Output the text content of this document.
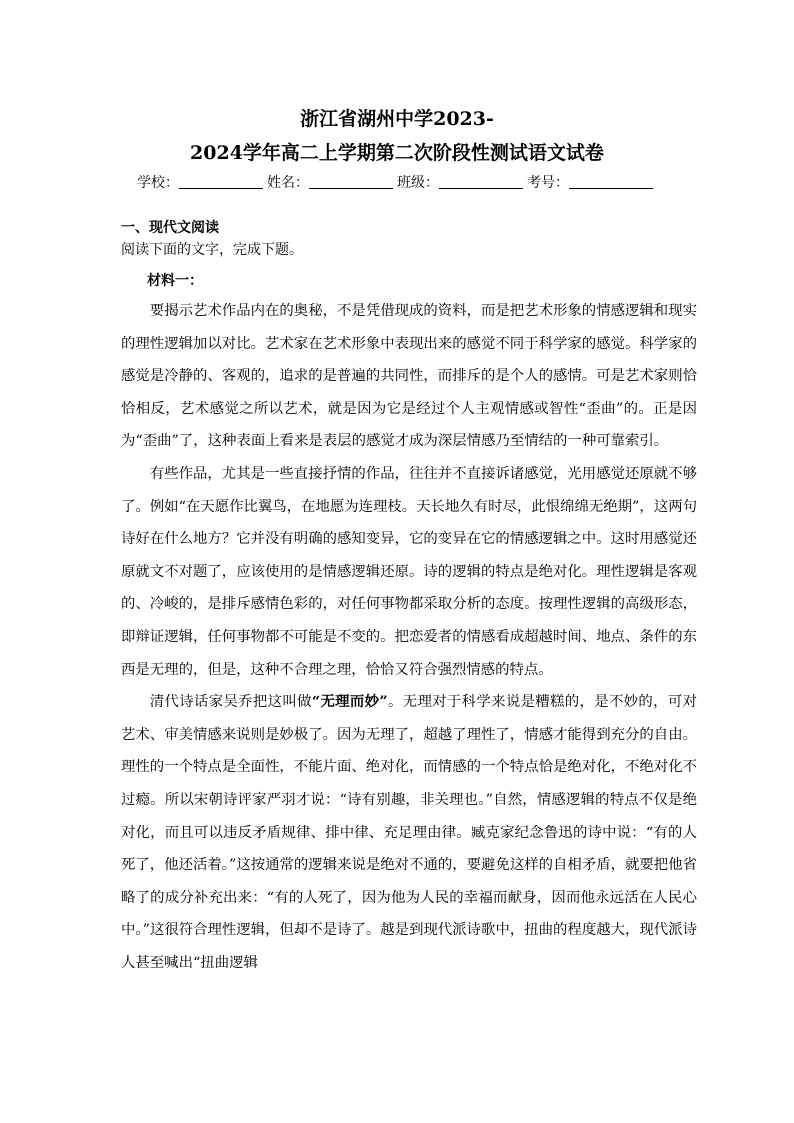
浙江省湖州中学2023-
2024学年高二上学期第二次阶段性测试语文试卷
学校：	姓名：	班级：	考号：
一、现代文阅读
阅读下面的文字，完成下题。
材料一：

要揭示艺术作品内在的奥秘，不是凭借现成的资料，而是把艺术形象的情感逻辑和现实的理性逻辑加以对比。艺术家在艺术形象中表现出来的感觉不同于科学家的感觉。科学家的感觉是冷静的、客观的，追求的是普遍的共同性，而排斥的是个人的感情。可是艺术家则恰恰相反，艺术感觉之所以艺术，就是因为它是经过个人主观情感或智性“歪曲”的。正是因为“歪曲”了，这种表面上看来是表层的感觉才成为深层情感乃至情结的一种可靠索引。

有些作品，尤其是一些直接抒情的作品，往往并不直接诉诸感觉，光用感觉还原就不够了。例如“在天愿作比翼鸟，在地愿为连理枝。天长地久有时尽，此恨绵绵无绝期”，这两句诗好在什么地方？它并没有明确的感知变异，它的变异在它的情感逻辑之中。这时用感觉还原就文不对题了，应该使用的是情感逻辑还原。诗的逻辑的特点是绝对化。理性逻辑是客观的、冷峻的，是排斥感情色彩的，对任何事物都采取分析的态度。按理性逻辑的高级形态，即辩证逻辑，任何事物都不可能是不变的。把恋爱者的情感看成超越时间、地点、条件的东西是无理的，但是，这种不合理之理，恰恰又符合强烈情感的特点。

清代诗话家吴乔把这叫做“无理而妙”。无理对于科学来说是糟糕的，是不妙的，可对艺术、审美情感来说则是妙极了。因为无理了，超越了理性了，情感才能得到充分的自由。理性的一个特点是全面性，不能片面、绝对化，而情感的一个特点恰是绝对化，不绝对化不过瘾。所以宋朝诗评家严羽才说：“诗有别趣，非关理也。”自然，情感逻辑的特点不仅是绝对化，而且可以违反矛盾规律、排中律、充足理由律。臧克家纪念鲁迅的诗中说：“有的人死了，他还活着。”这按通常的逻辑来说是绝对不通的，要避免这样的自相矛盾，就要把他省略了的成分补充出来：“有的人死了，因为他为人民的幸福而献身，因而他永远活在人民心中。”这很符合理性逻辑，但却不是诗了。越是到现代派诗歌中，扭曲的程度越大，现代派诗人甚至喊出“扭曲逻辑
